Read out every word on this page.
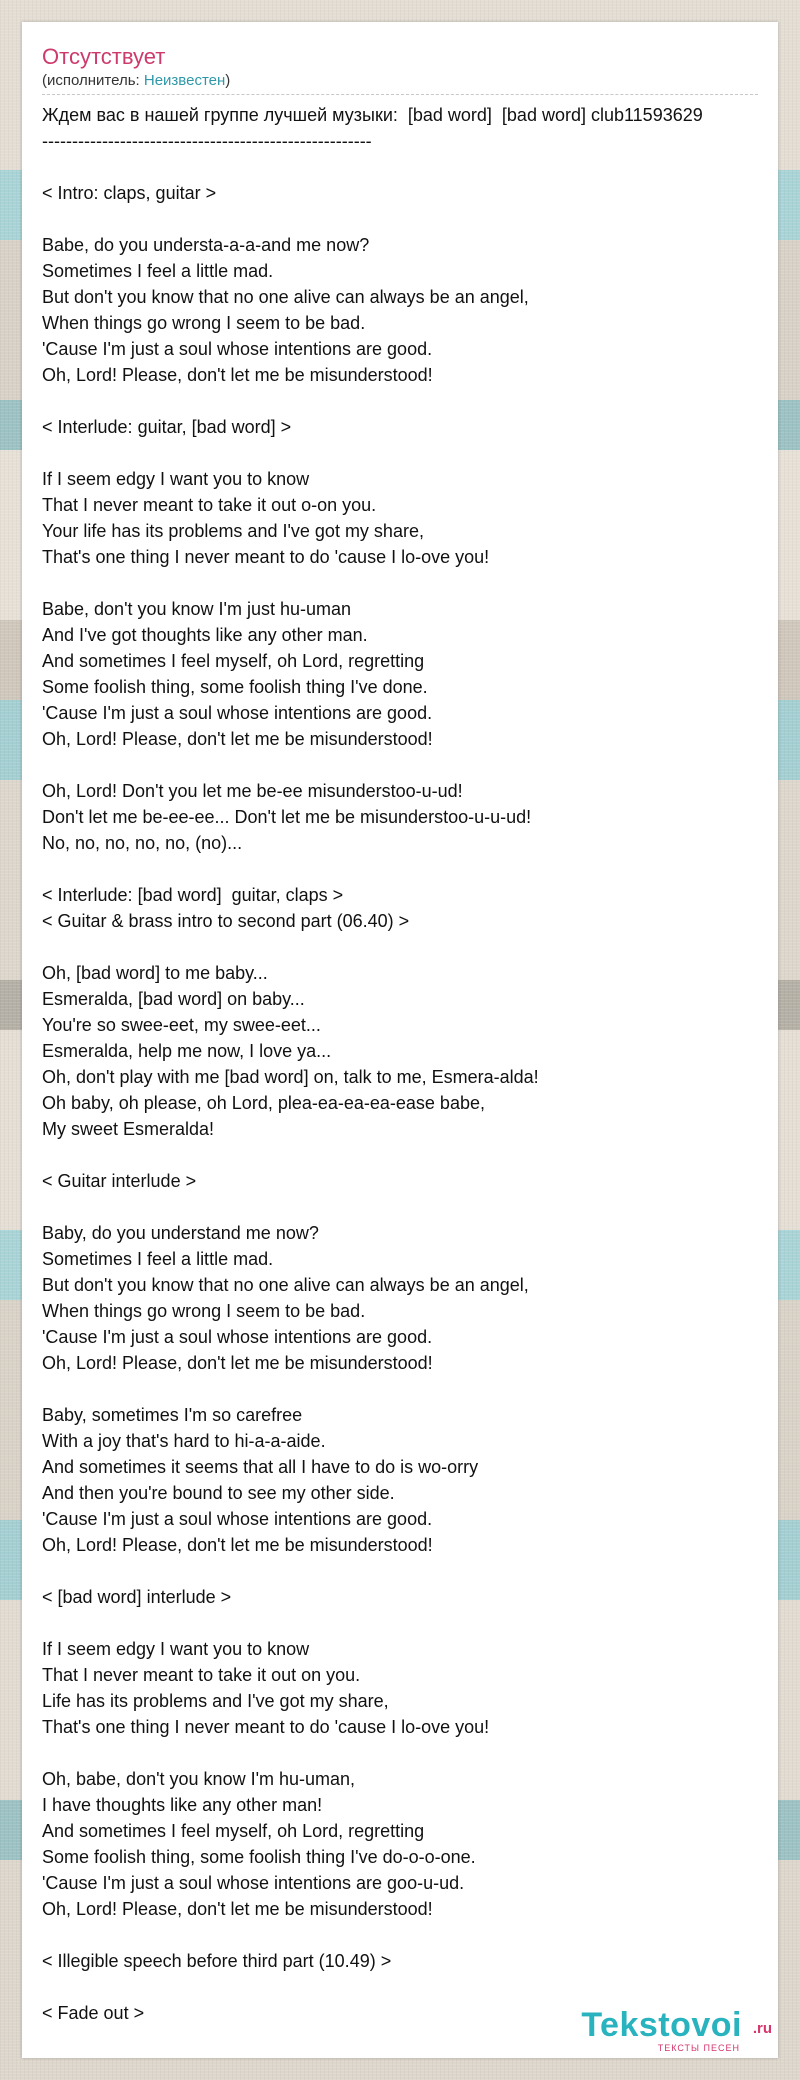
Отсутствует
(исполнитель: Неизвестен)
Ждем вас в нашей группе лучшей музыки:  [bad word]  [bad word] club11593629
-------------------------------------------------------

< Intro: claps, guitar >

Babe, do you understa-a-a-and me now?
Sometimes I feel a little mad.
But don't you know that no one alive can always be an angel,
When things go wrong I seem to be bad.
'Cause I'm just a soul whose intentions are good.
Oh, Lord! Please, don't let me be misunderstood!

< Interlude: guitar, [bad word] >

If I seem edgy I want you to know
That I never meant to take it out o-on you.
Your life has its problems and I've got my share,
That's one thing I never meant to do 'cause I lo-ove you!

Babe, don't you know I'm just hu-uman
And I've got thoughts like any other man.
And sometimes I feel myself, oh Lord, regretting
Some foolish thing, some foolish thing I've done.
'Cause I'm just a soul whose intentions are good.
Oh, Lord! Please, don't let me be misunderstood!

Oh, Lord! Don't you let me be-ee misunderstoo-u-ud!
Don't let me be-ee-ee... Don't let me be misunderstoo-u-u-ud!
No, no, no, no, no, (no)...

< Interlude: [bad word]  guitar, claps >
< Guitar & brass intro to second part (06.40) >

Oh, [bad word] to me baby...
Esmeralda, [bad word] on baby...
You're so swee-eet, my swee-eet...
Esmeralda, help me now, I love ya...
Oh, don't play with me [bad word] on, talk to me, Esmera-alda!
Oh baby, oh please, oh Lord, plea-ea-ea-ea-ease babe,
My sweet Esmeralda!

< Guitar interlude >

Baby, do you understand me now?
Sometimes I feel a little mad.
But don't you know that no one alive can always be an angel,
When things go wrong I seem to be bad.
'Cause I'm just a soul whose intentions are good.
Oh, Lord! Please, don't let me be misunderstood!

Baby, sometimes I'm so carefree
With a joy that's hard to hi-a-a-aide.
And sometimes it seems that all I have to do is wo-orry
And then you're bound to see my other side.
'Cause I'm just a soul whose intentions are good.
Oh, Lord! Please, don't let me be misunderstood!

< [bad word] interlude >

If I seem edgy I want you to know
That I never meant to take it out on you.
Life has its problems and I've got my share,
That's one thing I never meant to do 'cause I lo-ove you!

Oh, babe, don't you know I'm hu-uman,
I have thoughts like any other man!
And sometimes I feel myself, oh Lord, regretting
Some foolish thing, some foolish thing I've do-o-o-one.
'Cause I'm just a soul whose intentions are goo-u-ud.
Oh, Lord! Please, don't let me be misunderstood!

< Illegible speech before third part (10.49) >

< Fade out >	Tekstovoi .ru
ТЕКСТЫ ПЕСЕН
